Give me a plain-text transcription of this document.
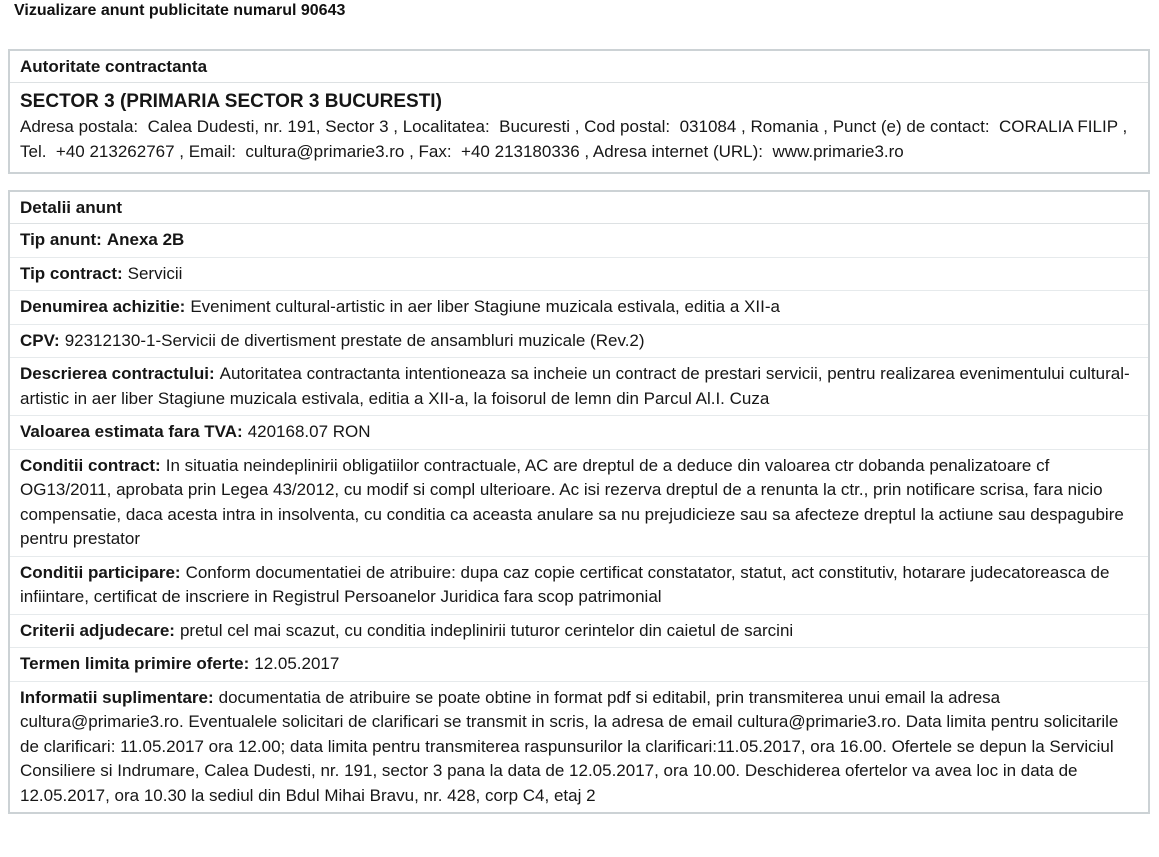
Vizualizare anunt publicitate numarul 90643
Autoritate contractanta
SECTOR 3 (PRIMARIA SECTOR 3 BUCURESTI)
Adresa postala:  Calea Dudesti, nr. 191, Sector 3 , Localitatea:  Bucuresti , Cod postal:  031084 , Romania , Punct (e) de contact:  CORALIA FILIP , Tel.  +40 213262767 , Email:  cultura@primarie3.ro , Fax:  +40 213180336 , Adresa internet (URL):  www.primarie3.ro
Detalii anunt
Tip anunt: Anexa 2B
Tip contract: Servicii
Denumirea achizitie: Eveniment cultural-artistic in aer liber Stagiune muzicala estivala, editia a XII-a
CPV: 92312130-1-Servicii de divertisment prestate de ansambluri muzicale (Rev.2)
Descrierea contractului: Autoritatea contractanta intentioneaza sa incheie un contract de prestari servicii, pentru realizarea evenimentului cultural-artistic in aer liber Stagiune muzicala estivala, editia a XII-a, la foisorul de lemn din Parcul Al.I. Cuza
Valoarea estimata fara TVA: 420168.07 RON
Conditii contract: In situatia neindeplinirii obligatiilor contractuale, AC are dreptul de a deduce din valoarea ctr dobanda penalizatoare cf OG13/2011, aprobata prin Legea 43/2012, cu modif si compl ulterioare. Ac isi rezerva dreptul de a renunta la ctr., prin notificare scrisa, fara nicio compensatie, daca acesta intra in insolventa, cu conditia ca aceasta anulare sa nu prejudicieze sau sa afecteze dreptul la actiune sau despagubire pentru prestator
Conditii participare: Conform documentatiei de atribuire: dupa caz copie certificat constatator, statut, act constitutiv, hotarare judecatoreasca de infiintare, certificat de inscriere in Registrul Persoanelor Juridica fara scop patrimonial
Criterii adjudecare: pretul cel mai scazut, cu conditia indeplinirii tuturor cerintelor din caietul de sarcini
Termen limita primire oferte: 12.05.2017
Informatii suplimentare: documentatia de atribuire se poate obtine in format pdf si editabil, prin transmiterea unui email la adresa cultura@primarie3.ro. Eventualele solicitari de clarificari se transmit in scris, la adresa de email cultura@primarie3.ro. Data limita pentru solicitarile de clarificari: 11.05.2017 ora 12.00; data limita pentru transmiterea raspunsurilor la clarificari:11.05.2017, ora 16.00. Ofertele se depun la Serviciul Consiliere si Indrumare, Calea Dudesti, nr. 191, sector 3 pana la data de 12.05.2017, ora 10.00. Deschiderea ofertelor va avea loc in data de 12.05.2017, ora 10.30 la sediul din Bdul Mihai Bravu, nr. 428, corp C4, etaj 2
